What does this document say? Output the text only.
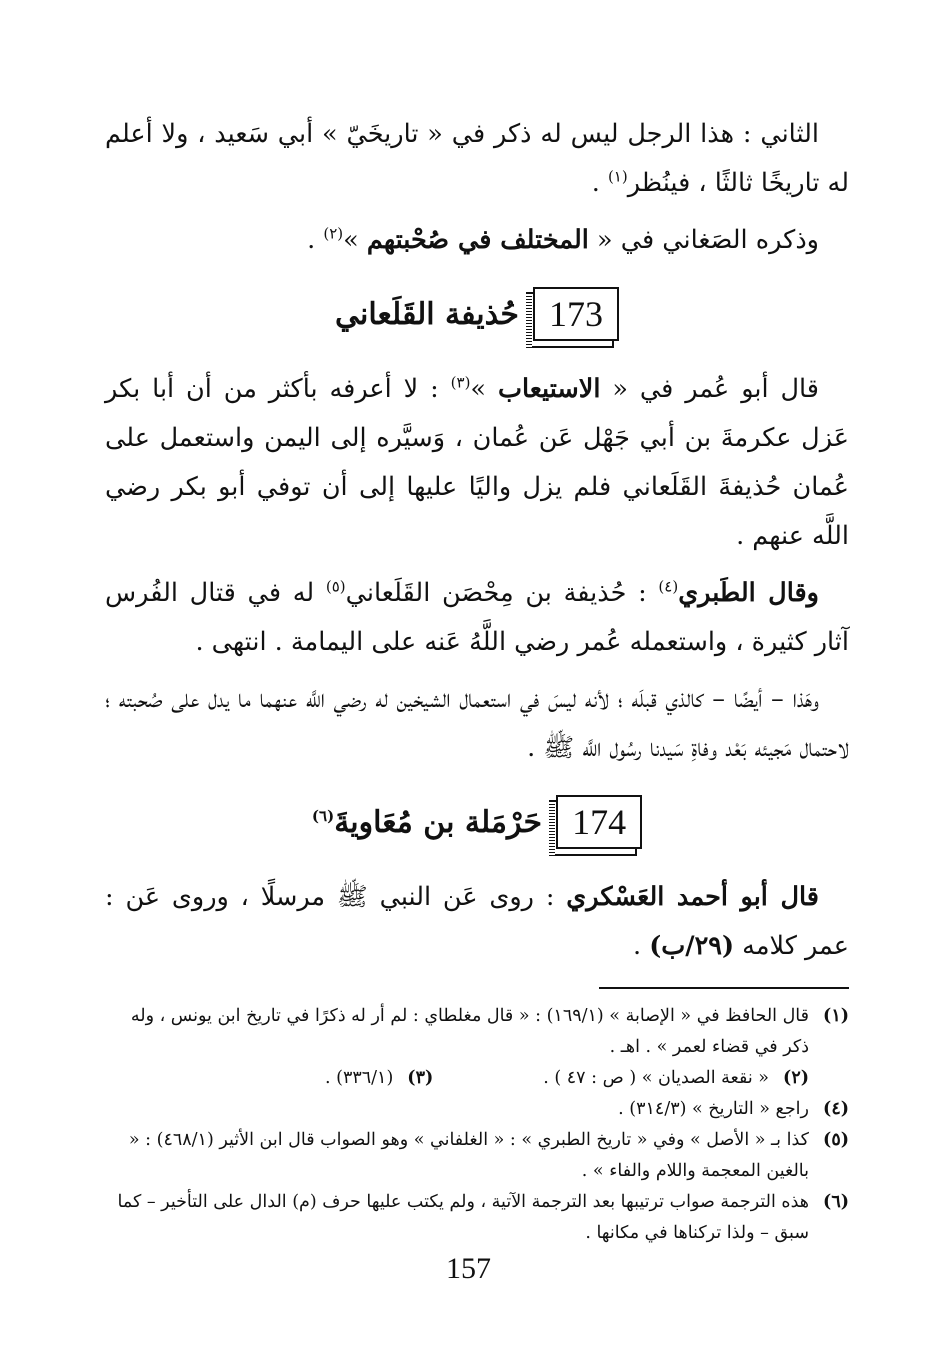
الثاني : هذا الرجل ليس له ذكر في « تاريخَيّ » أبي سَعيد ، ولا أعلم له تاريخًا ثالثًا ، فينُظر$^{(١)}$ .

وذكره الصَغاني في « المختلف في صُحْبتهم »$^{(٢)}$ .

173
حُذيفة القَلَعاني

قال أبو عُمر في « الاستيعاب »$^{(٣)}$ : لا أعرفه بأكثر من أن أبا بكر عَزل عكرمةَ بن أبي جَهْل عَن عُمان ، وَسيَّره إلى اليمن واستعمل على عُمان حُذيفةَ القَلَعاني فلم يزل واليًا عليها إلى أن توفي أبو بكر رضي اللَّه عنهم .

وقال الطَبري$^{(٤)}$ : حُذيفة بن مِحْصَن القَلَعاني$^{(٥)}$ له في قتال الفُرس آثار كثيرة ، واستعمله عُمر رضي اللَّهُ عَنه على اليمامة . انتهى .

وهَذا – أيضًا – كالذي قبلَه ؛ لأنه ليسَ في استعمال الشيخين له رضي اللَّه عنهما ما يدل على صُحبته ؛ لاحتمال مَجيئه بَعْد وفاةِ سَيدنا رسُول اللَّه ﷺ .

174
حَرْمَلة بن مُعَاويةَ$^{(٦)}$

قال أبو أحمد العَسْكري : روى عَن النبي ﷺ مرسلًا ، وروى عَن : عمر كلامه (٢٩/ب) .

(١)
قال الحافظ في « الإصابة » (١٦٩/١) : « قال مغلطاي : لم أر له ذكرًا في تاريخ ابن يونس ، وله ذكر في قضاء لعمر » . اهـ .
(٢)
« نقعة الصديان » ( ص : ٤٧ ) .
(٣)
(٣٣٦/١) .
(٤)
راجع « التاريخ » (٣١٤/٣) .
(٥)
كذا بـ « الأصل » وفي « تاريخ الطبري » : « الغلفاني » وهو الصواب قال ابن الأثير (٤٦٨/١) : « بالغين المعجمة واللام والفاء » .
(٦)
هذه الترجمة صواب ترتيبها بعد الترجمة الآتية ، ولم يكتب عليها حرف (م) الدال على التأخير – كما سبق – ولذا تركناها في مكانها .
157
